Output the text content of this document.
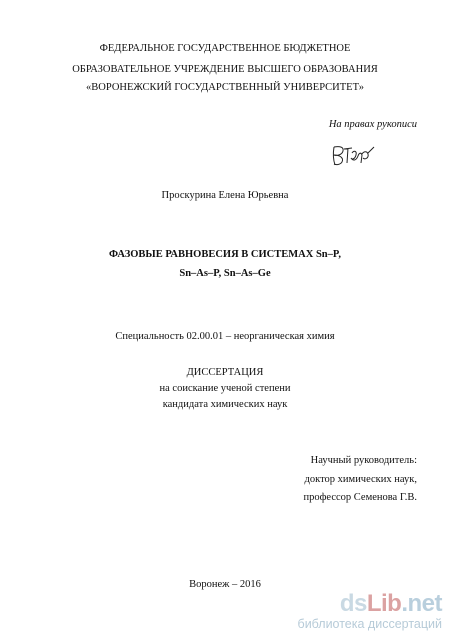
ФЕДЕРАЛЬНОЕ ГОСУДАРСТВЕННОЕ БЮДЖЕТНОЕ
ОБРАЗОВАТЕЛЬНОЕ УЧРЕЖДЕНИЕ ВЫСШЕГО ОБРАЗОВАНИЯ
«ВОРОНЕЖСКИЙ ГОСУДАРСТВЕННЫЙ УНИВЕРСИТЕТ»
На правах рукописи
Проскурина Елена Юрьевна
ФАЗОВЫЕ РАВНОВЕСИЯ В СИСТЕМАХ Sn–P,
Sn–As–P, Sn–As–Ge
Специальность 02.00.01 – неорганическая химия
ДИССЕРТАЦИЯ
на соискание ученой степени
кандидата химических наук
Научный руководитель:
доктор химических наук,
профессор Семенова Г.В.
Воронеж – 2016
dsLib.net
библиотека диссертаций
